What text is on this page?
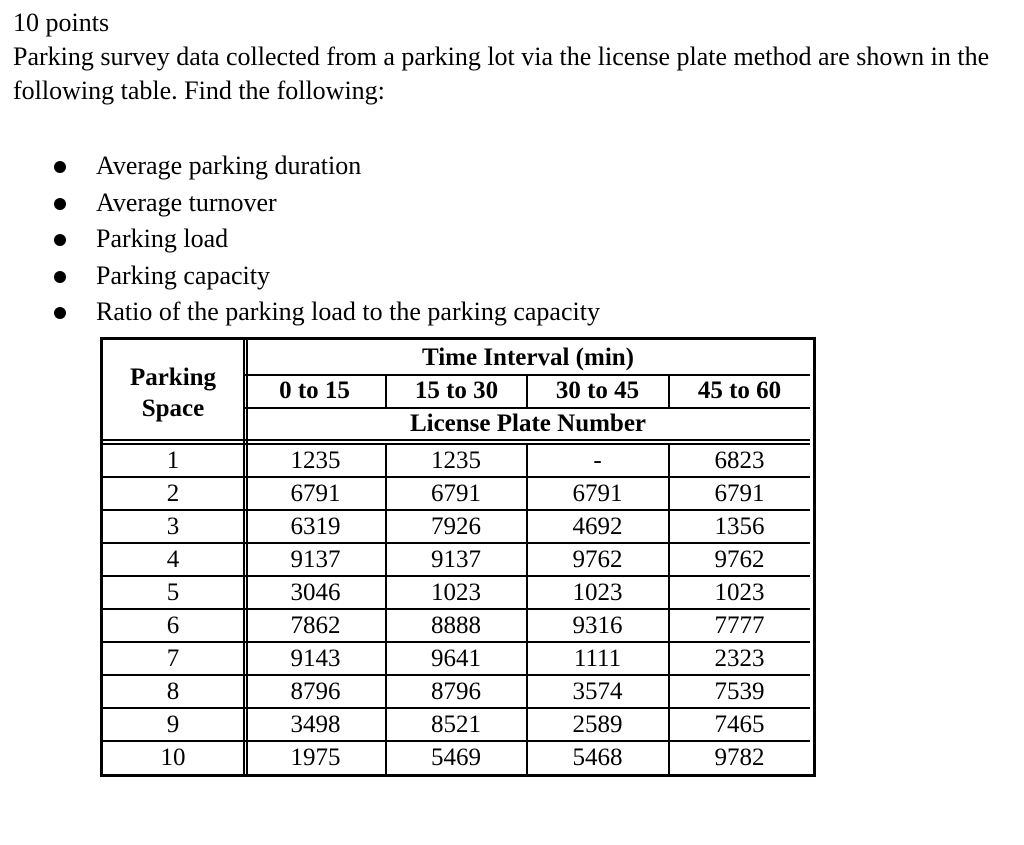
10 points

Parking survey data collected from a parking lot via the license plate method are shown in the following table. Find the following:

Average parking duration
Average turnover
Parking load
Parking capacity
Ratio of the parking load to the parking capacity
Parking
Space
Time Interval (min)
0 to 15	15 to 30	30 to 45	45 to 60
License Plate Number
1	1235	1235	-	6823
2	6791	6791	6791	6791
3	6319	7926	4692	1356
4	9137	9137	9762	9762
5	3046	1023	1023	1023
6	7862	8888	9316	7777
7	9143	9641	1111	2323
8	8796	8796	3574	7539
9	3498	8521	2589	7465
10	1975	5469	5468	9782
